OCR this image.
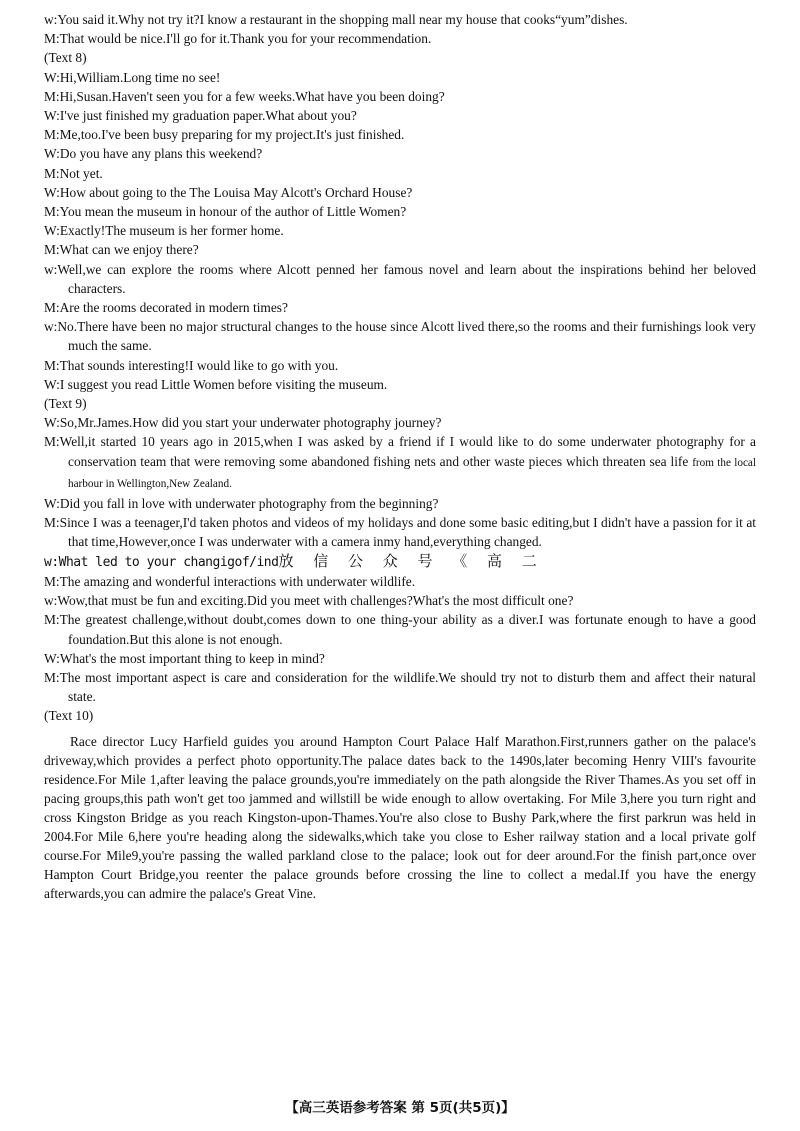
w:You said it.Why not try it?I know a restaurant in the shopping mall near my house that cooks“yum”dishes.

M:That would be nice.I'll go for it.Thank you for your recommendation.

(Text 8)

W:Hi,William.Long time no see!

M:Hi,Susan.Haven't seen you for a few weeks.What have you been doing?

W:I've just finished my graduation paper.What about you?

M:Me,too.I've been busy preparing for my project.It's just finished.

W:Do you have any plans this weekend?

M:Not yet.

W:How about going to the The Louisa May Alcott's Orchard House?

M:You mean the museum in honour of the author of Little Women?

W:Exactly!The museum is her former home.

M:What can we enjoy there?

w:Well,we can explore the rooms where Alcott penned her famous novel and learn about the inspirations behind her beloved characters.

M:Are the rooms decorated in modern times?

w:No.There have been no major structural changes to the house since Alcott lived there,so the rooms and their furnishings look very much the same.

M:That sounds interesting!I would like to go with you.

W:I suggest you read Little Women before visiting the museum.

(Text 9)

W:So,Mr.James.How did you start your underwater photography journey?

M:Well,it started 10 years ago in 2015,when I was asked by a friend if I would like to do some underwater photography for a conservation team that were removing some abandoned fishing nets and other waste pieces which threaten sea life from the local harbour in Wellington,New Zealand.

W:Did you fall in love with underwater photography from the beginning?

M:Since I was a teenager,I'd taken photos and videos of my holidays and done some basic editing,but I didn't have a passion for it at that time,However,once I was underwater with a camera inmy hand,everything changed.

w:What led to your changigof/ind放 信 公 众 号 《 高 二

M:The amazing and wonderful interactions with underwater wildlife.

w:Wow,that must be fun and exciting.Did you meet with challenges?What's the most difficult one?

M:The greatest challenge,without doubt,comes down to one thing-your ability as a diver.I was fortunate enough to have a good foundation.But this alone is not enough.

W:What's the most important thing to keep in mind?

M:The most important aspect is care and consideration for the wildlife.We should try not to disturb them and affect their natural state.

(Text 10)

Race director Lucy Harfield guides you around Hampton Court Palace Half Marathon.First,runners gather on the palace's driveway,which provides a perfect photo opportunity.The palace dates back to the 1490s,later becoming Henry VIII's favourite residence.For Mile 1,after leaving the palace grounds,you're immediately on the path alongside the River Thames.As you set off in pacing groups,this path won't get too jammed and willstill be wide enough to allow overtaking. For Mile 3,here you turn right and cross Kingston Bridge as you reach Kingston-upon-Thames.You're also close to Bushy Park,where the first parkrun was held in 2004.For Mile 6,here you're heading along the sidewalks,which take you close to Esher railway station and a local private golf course.For Mile9,you're passing the walled parkland close to the palace; look out for deer around.For the finish part,once over Hampton Court Bridge,you reenter the palace grounds before crossing the line to collect a medal.If you have the energy afterwards,you can admire the palace's Great Vine.

【高三英语参考答案 第 5页(共5页)】
